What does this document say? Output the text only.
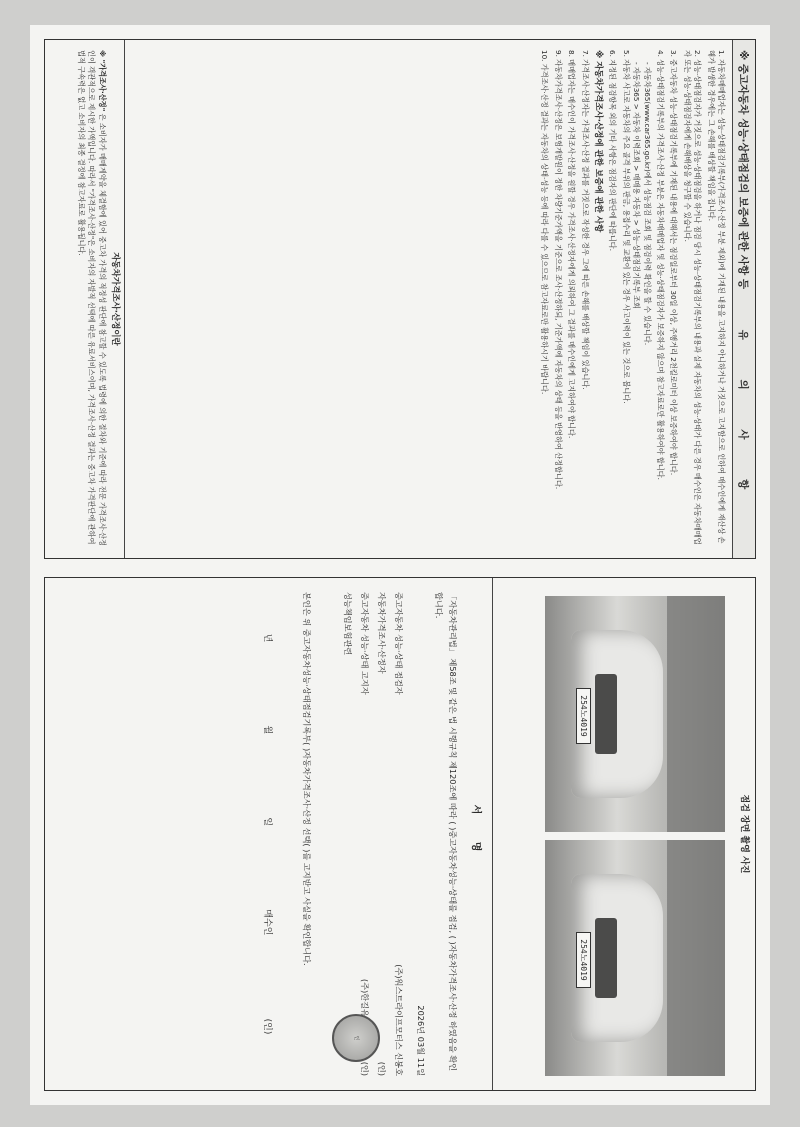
※ 중고자동차 성능·상태점검의 보증에 관한 사항 등
유 의 사 항

1. 자동차매매업자는 성능·상태점검기록부(가격조사·산정 부분 제외)에 기재된 내용을 고지하지 아니하거나 거짓으로 고지함으로 인하여 매수인에게 재산상 손해가 발생한 경우에는 그 손해를 배상할 책임을 집니다.

2. 성능·상태점검자가 거짓으로 성능·상태점검을 하거나 점검 당시 성능·상태점검기록부의 내용과 실제 자동차의 성능·상태가 다른 경우 매수인은 자동차매매업자 또는 성능·상태점검자에게 손해배상을 청구할 수 있습니다.

3. 중고자동차 성능·상태점검기록부에 기재된 내용에 대해서는 점검일로부터 30일 이상, 주행거리 2천킬로미터 이상 보증하여야 합니다.

4. 성능·상태점검기록부의 가격조사·산정 부분은 자동차매매업자 및 성능·상태점검자가 보증하지 않으며 참고자료로만 활용하여야 합니다.

- 자동차365(www.car365.go.kr)에서 성능점검 조회 및 점검이력 확인을 할 수 있습니다.

- 자동차365 > 자동차 이력조회 > 매매용 자동차 > 성능·상태점검기록부 조회

5. 자동차 사고로 자동차의 주요 골격 부위의 판금, 용접수리 및 교환이 있는 경우 사고이력이 있는 것으로 봅니다.

6. 지정된 점검항목 외의 기타 사항은 점검자의 판단에 따릅니다.

※ 자동차가격조사·산정에 관한 보증에 관한 사항

7. 가격조사·산정자는 가격조사·산정 결과를 거짓으로 작성한 경우 그에 따른 손해를 배상할 책임이 있습니다.

8. 매매업자는 매수인이 가격조사·산정을 원할 경우 가격조사·산정자에게 의뢰하여 그 결과를 매수인에게 고지하여야 합니다.

9. 자동차가격조사·산정은 보험개발원이 정한 차량기준가액을 기준으로 조사·산정하되, 기준가액에 자동차의 상태 등을 반영하여 산정합니다.

10. 가격조사·산정 결과는 자동차의 상태·성능 등에 따라 다를 수 있으므로 참고자료로만 활용하시기 바랍니다.

자동차가격조사·산정이란
※ "가격조사·산정" 은 소비자가 매매계약을 체결함에 있어 중고차 가격의 적정성 판단에 참고할 수 있도록 법령에 의한 절차와 기준에 따라 전문 가격조사·산정인이 객관적으로 제시한 가액입니다. 따라서 "가격조사·산정"은 소비자의 자발적 선택에 따른 유료서비스이며, 가격조사·산정 결과는 중고차 가격판단에 관하여 법적 구속력은 없고 소비자의 최종 결정에 참고자료로 활용됩니다.
점검 장면 촬영 사진
254노4019
254노4019
서 명
「자동차관리법」 제58조 및 같은 법 시행규칙 제120조에 따라 ( )중고자동차성능·상태를 점검, ( )자동차가격조사·산정 하였음을 확인합니다.
2026년 03월 11일
중고자동차 성능·상태 점검자
(주)워스트라이프모터스 신봉호
자동차가격조사·산정자
(인)
중고자동차 성능·상태 고지자
성능책임보험관련
본인은 위 중고자동차성능·상태점검기록부( )자동차가격조사·산정 선택( )를 고지받고 사실을 확인합니다.
년
월
일
매수인
(인)
인
